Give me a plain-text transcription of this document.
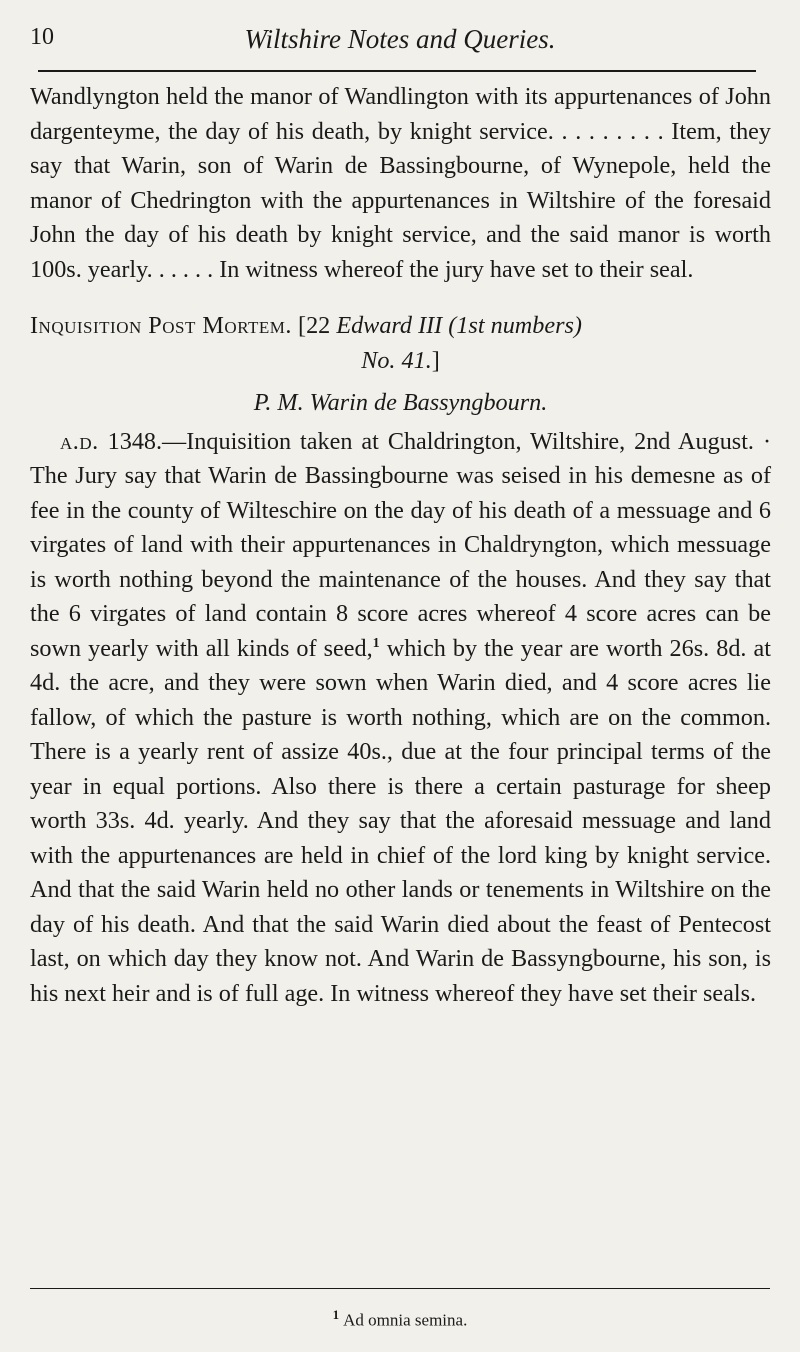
10	Wiltshire Notes and Queries.

Wandlyngton held the manor of Wandlington with its appurtenances of John dargenteyme, the day of his death, by knight service. . . . . . . . . Item, they say that Warin, son of Warin de Bassingbourne, of Wynepole, held the manor of Chedrington with the appurtenances in Wiltshire of the foresaid John the day of his death by knight service, and the said manor is worth 100s. yearly. . . . . . In witness whereof the jury have set to their seal.

Inquisition Post Mortem. [22 Edward III (1st numbers)

No. 41.]

P. M. Warin de Bassyngbourn.

a.d. 1348.—Inquisition taken at Chaldrington, Wiltshire, 2nd August. · The Jury say that Warin de Bassingbourne was seised in his demesne as of fee in the county of Wilteschire on the day of his death of a messuage and 6 virgates of land with their appurtenances in Chaldryngton, which messuage is worth nothing beyond the maintenance of the houses. And they say that the 6 virgates of land contain 8 score acres whereof 4 score acres can be sown yearly with all kinds of seed,$^1$ which by the year are worth 26s. 8d. at 4d. the acre, and they were sown when Warin died, and 4 score acres lie fallow, of which the pasture is worth nothing, which are on the common. There is a yearly rent of assize 40s., due at the four principal terms of the year in equal portions. Also there is there a certain pasturage for sheep worth 33s. 4d. yearly. And they say that the aforesaid messuage and land with the appurtenances are held in chief of the lord king by knight service. And that the said Warin held no other lands or tenements in Wiltshire on the day of his death. And that the said Warin died about the feast of Pentecost last, on which day they know not. And Warin de Bassyngbourne, his son, is his next heir and is of full age. In witness whereof they have set their seals.

$^1$ Ad omnia semina.
